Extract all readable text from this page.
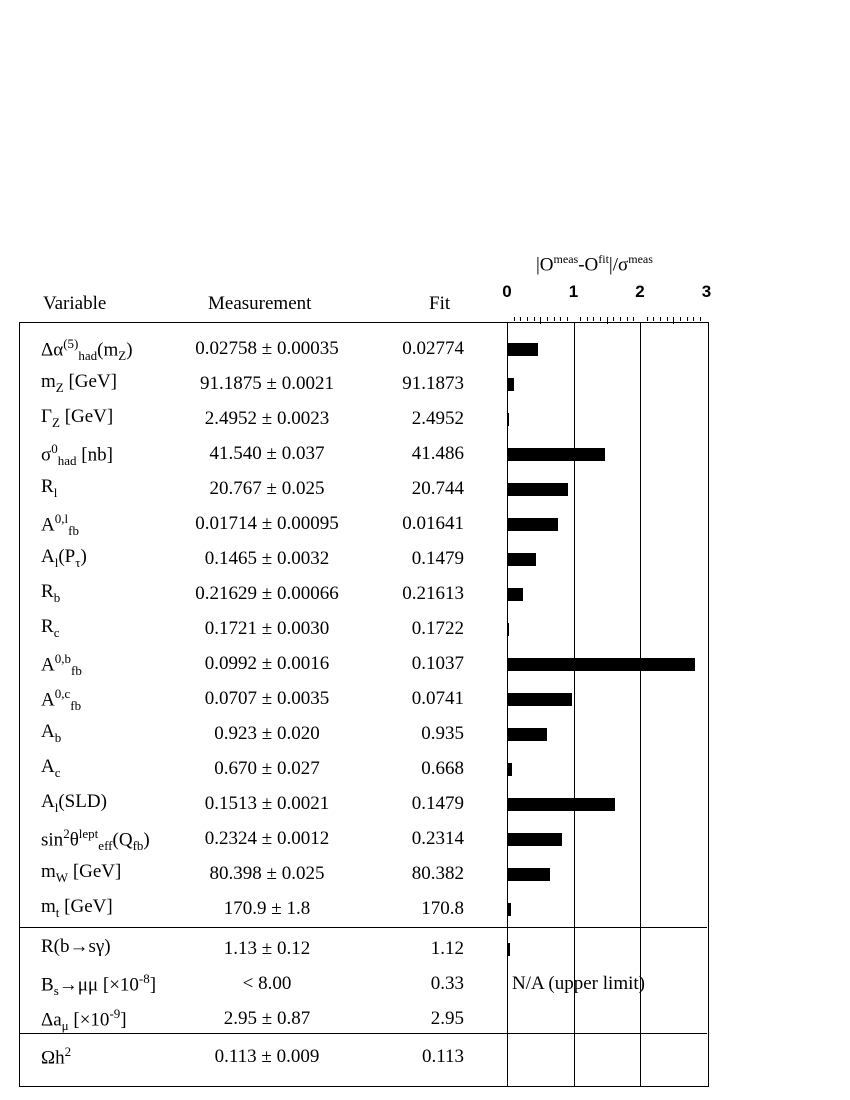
Variable	Measurement	Fit
$|O^{meas}-O^{fit}|/\sigma^{meas}$
0	1	2	3
$\Delta\alpha^{(5)}_{had}(m_Z)$	0.02758 ± 0.00035	0.02774
$m_Z$ [GeV]	91.1875 ± 0.0021	91.1873
$\Gamma_Z$ [GeV]	2.4952 ± 0.0023	2.4952
$\sigma^0_{had}$ [nb]	41.540 ± 0.037	41.486
$R_l$	20.767 ± 0.025	20.744
A$^{0,l}_{fb}$	0.01714 ± 0.00095	0.01641
$A_l(P_\tau)$	0.1465 ± 0.0032	0.1479
$R_b$	0.21629 ± 0.00066	0.21613
$R_c$	0.1721 ± 0.0030	0.1722
A$^{0,b}_{fb}$	0.0992 ± 0.0016	0.1037
A$^{0,c}_{fb}$	0.0707 ± 0.0035	0.0741
$A_b$	0.923 ± 0.020	0.935
$A_c$	0.670 ± 0.027	0.668
$A_l(SLD)$	0.1513 ± 0.0021	0.1479
$\sin^2\theta^{lept}_{eff}(Q_{fb})$	0.2324 ± 0.0012	0.2314
$m_W$ [GeV]	80.398 ± 0.025	80.382
$m_t$ [GeV]	170.9 ± 1.8	170.8
R(b→sγ)	1.13 ± 0.12	1.12
$B_s\to\mu\mu$ $[\times 10^{-8}]$	< 8.00	0.33	N/A (upper limit)
$\Delta a_\mu$ $[\times 10^{-9}]$	2.95 ± 0.87	2.95
$\Omega h^2$	0.113 ± 0.009	0.113
